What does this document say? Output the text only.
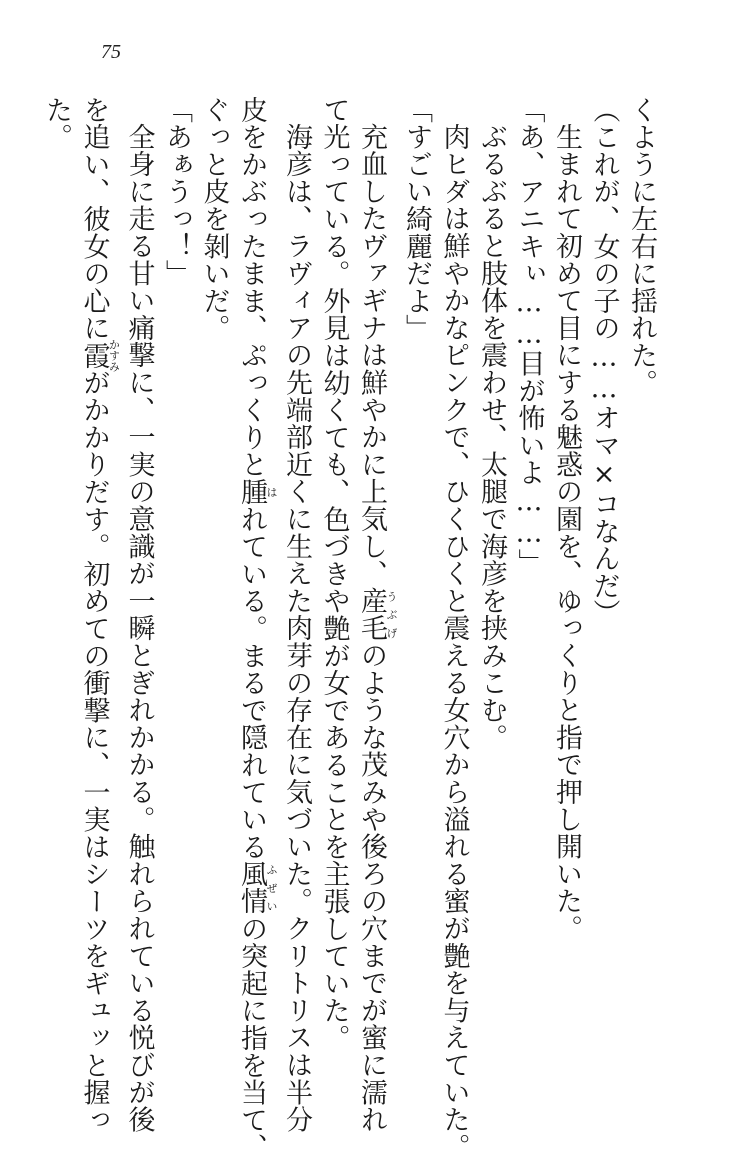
75
くように左右に揺れた。
（これが、女の子の……オマ×コなんだ）
生まれて初めて目にする魅惑の園を、ゆっくりと指で押し開いた。
「あ、アニキぃ……目が怖いよ……」
ぶるぶると肢体を震わせ、太腿で海彦を挟みこむ。
肉ヒダは鮮やかなピンクで、ひくひくと震える女穴から溢れる蜜が艶を与えていた。
「すごい綺麗だよ」
充血したヴァギナは鮮やかに上気し、産毛うぶげのような茂みや後ろの穴までが蜜に濡れ
て光っている。外見は幼くても、色づきや艶が女であることを主張していた。
海彦は、ラヴィアの先端部近くに生えた肉芽の存在に気づいた。クリトリスは半分
皮をかぶったまま、ぷっくりと腫はれている。まるで隠れている風情ふぜいの突起に指を当て、
ぐっと皮を剝いだ。
「あぁうっ！」
全身に走る甘い痛撃に、一実の意識が一瞬とぎれかかる。触れられている悦びが後
を追い、彼女の心に霞かすみがかかりだす。初めての衝撃に、一実はシーツをギュッと握っ
た。
